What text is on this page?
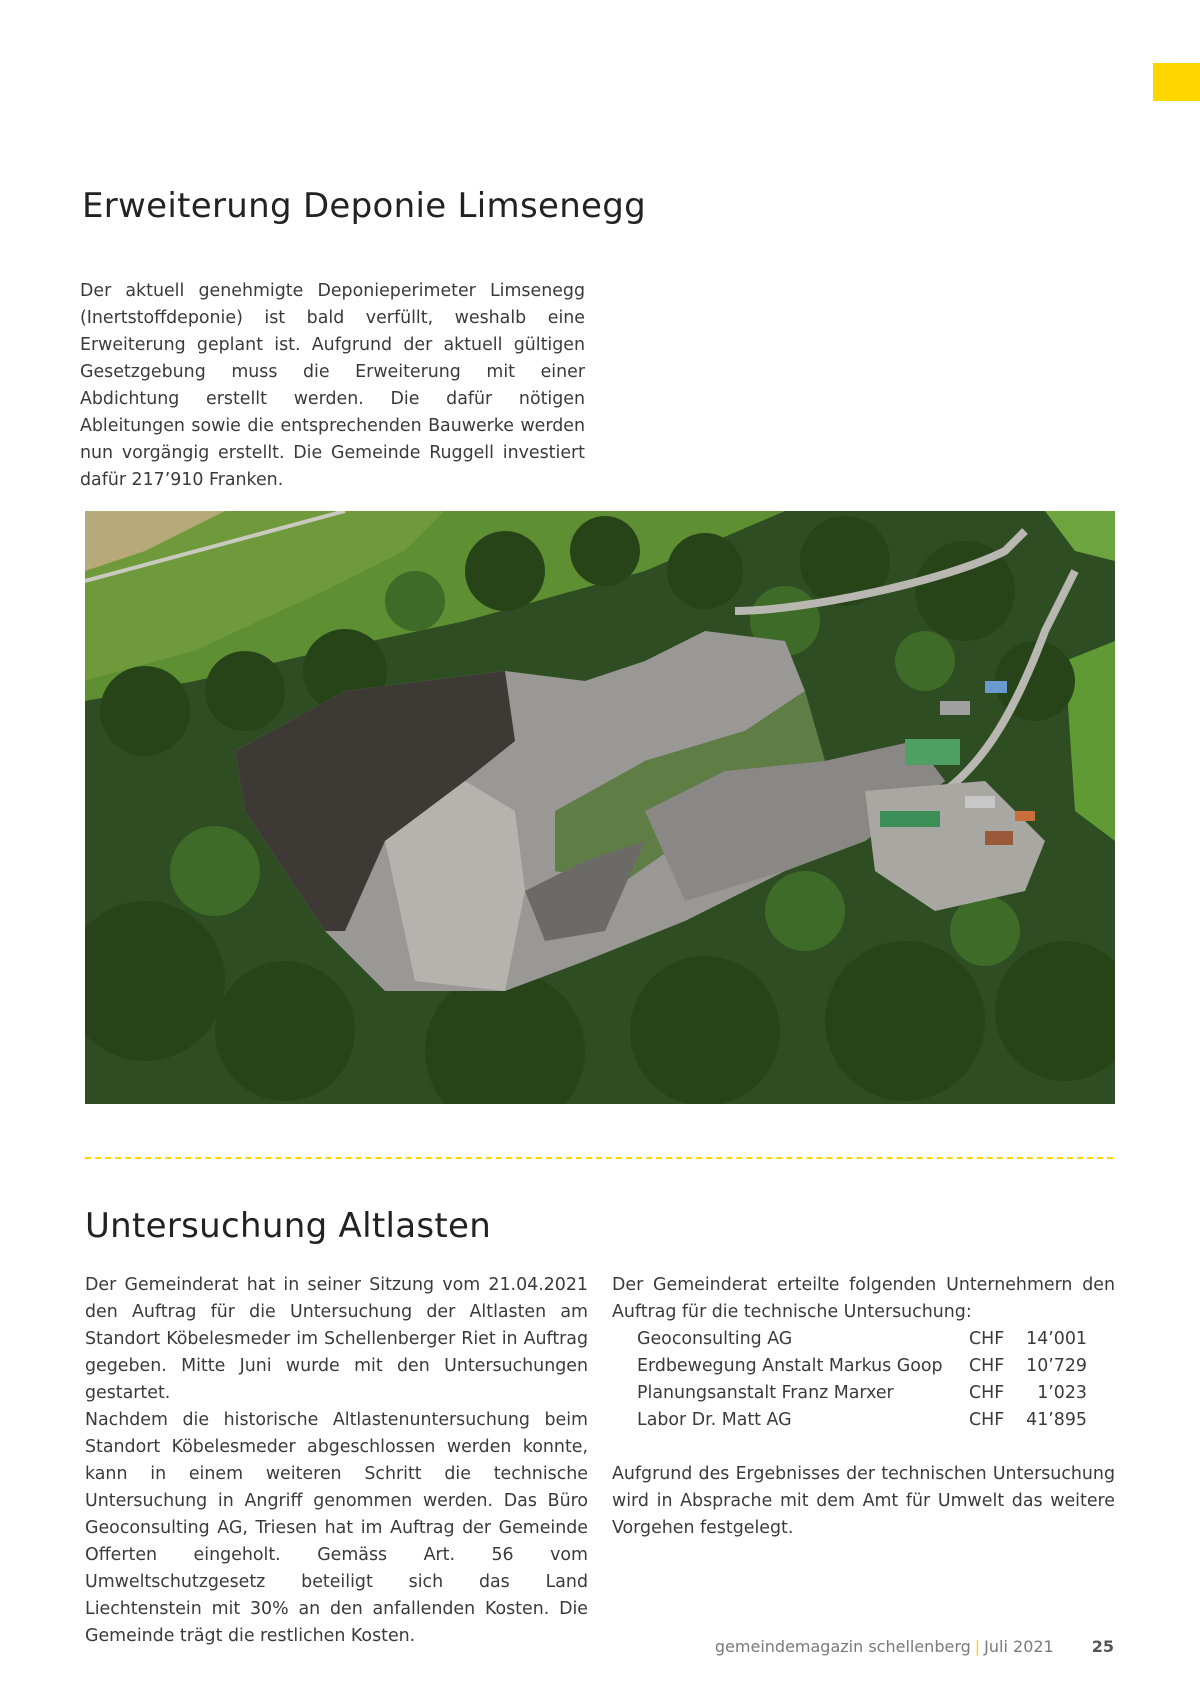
Erweiterung Deponie Limsenegg

Der aktuell genehmigte Deponieperimeter Limsenegg (Inertstoffdeponie) ist bald verfüllt, weshalb eine Erweiterung geplant ist. Aufgrund der aktuell gültigen Gesetzgebung muss die Erweiterung mit einer Abdichtung erstellt werden. Die dafür nötigen Ableitungen sowie die entsprechenden Bauwerke werden nun vorgängig erstellt. Die Gemeinde Ruggell investiert dafür 217’910 Franken.

Untersuchung Altlasten

Der Gemeinderat hat in seiner Sitzung vom 21.04.2021 den Auftrag für die Untersuchung der Altlasten am Standort Köbelesmeder im Schellenberger Riet in Auftrag gegeben. Mitte Juni wurde mit den Untersuchungen gestartet.

Nachdem die historische Altlastenuntersuchung beim Standort Köbelesmeder abgeschlossen werden konnte, kann in einem weiteren Schritt die technische Untersuchung in Angriff genommen werden. Das Büro Geoconsulting AG, Triesen hat im Auftrag der Gemeinde Offerten eingeholt. Gemäss Art. 56 vom Umweltschutzgesetz beteiligt sich das Land Liechtenstein mit 30% an den anfallenden Kosten. Die Gemeinde trägt die restlichen Kosten.

Der Gemeinderat erteilte folgenden Unternehmern den Auftrag für die technische Untersuchung:

Geoconsulting AG	CHF	14’001
Erdbewegung Anstalt Markus Goop	CHF	10’729
Planungsanstalt Franz Marxer	CHF	1’023
Labor Dr. Matt AG	CHF	41’895

Aufgrund des Ergebnisses der technischen Untersuchung wird in Absprache mit dem Amt für Umwelt das weitere Vorgehen festgelegt.

gemeindemagazin schellenberg | Juli 2021 25
